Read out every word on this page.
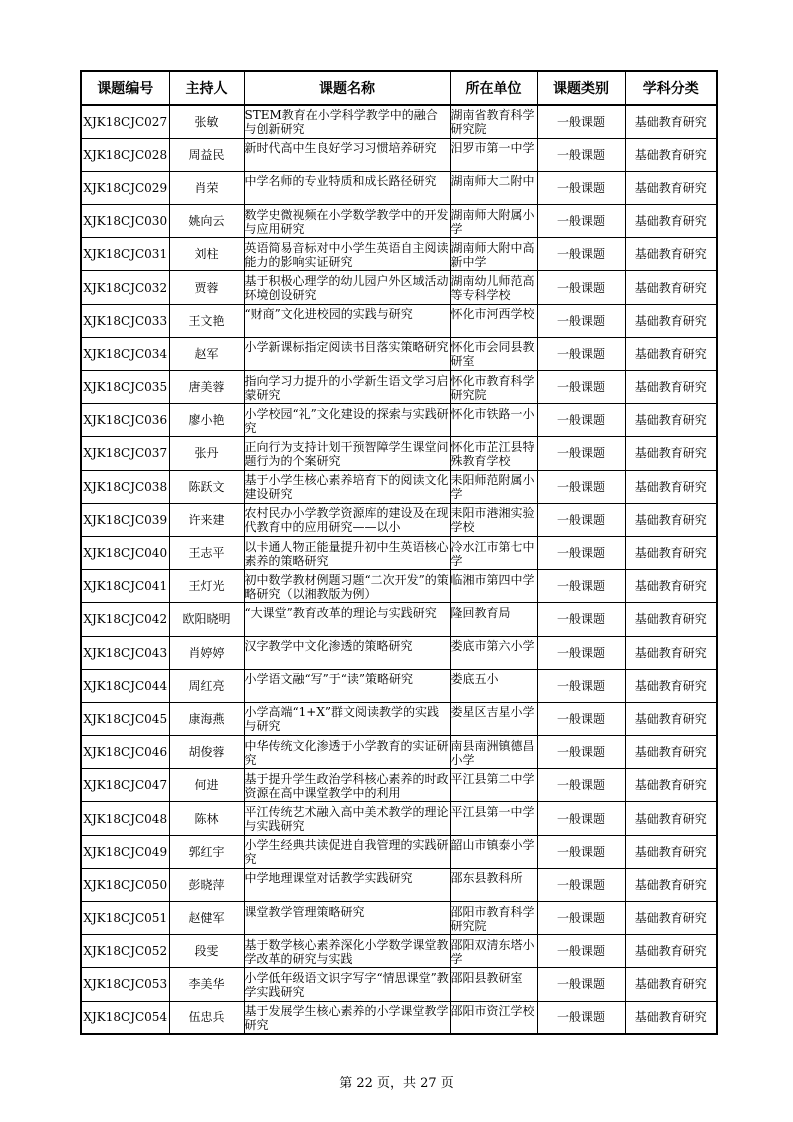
课题编号	主持人	课题名称	所在单位	课题类别	学科分类
XJK18CJC027	张敏	STEM教育在小学科学教学中的融合与创新研究	湖南省教育科学研究院	一般课题	基础教育研究
XJK18CJC028	周益民	新时代高中生良好学习习惯培养研究	汨罗市第一中学	一般课题	基础教育研究
XJK18CJC029	肖荣	中学名师的专业特质和成长路径研究	湖南师大二附中	一般课题	基础教育研究
XJK18CJC030	姚向云	数学史微视频在小学数学教学中的开发与应用研究	湖南师大附属小学	一般课题	基础教育研究
XJK18CJC031	刘柱	英语简易音标对中小学生英语自主阅读能力的影响实证研究	湖南师大附中高新中学	一般课题	基础教育研究
XJK18CJC032	贾蓉	基于积极心理学的幼儿园户外区域活动环境创设研究	湖南幼儿师范高等专科学校	一般课题	基础教育研究
XJK18CJC033	王文艳	“财商”文化进校园的实践与研究	怀化市河西学校	一般课题	基础教育研究
XJK18CJC034	赵军	小学新课标指定阅读书目落实策略研究	怀化市会同县教研室	一般课题	基础教育研究
XJK18CJC035	唐美蓉	指向学习力提升的小学新生语文学习启蒙研究	怀化市教育科学研究院	一般课题	基础教育研究
XJK18CJC036	廖小艳	小学校园“礼”文化建设的探索与实践研究	怀化市铁路一小	一般课题	基础教育研究
XJK18CJC037	张丹	正向行为支持计划干预智障学生课堂问题行为的个案研究	怀化市芷江县特殊教育学校	一般课题	基础教育研究
XJK18CJC038	陈跃文	基于小学生核心素养培育下的阅读文化建设研究	耒阳师范附属小学	一般课题	基础教育研究
XJK18CJC039	许来建	农村民办小学教学资源库的建设及在现代教育中的应用研究——以小	耒阳市港湘实验学校	一般课题	基础教育研究
XJK18CJC040	王志平	以卡通人物正能量提升初中生英语核心素养的策略研究	冷水江市第七中学	一般课题	基础教育研究
XJK18CJC041	王灯光	初中数学教材例题习题“二次开发”的策略研究（以湘教版为例）	临湘市第四中学	一般课题	基础教育研究
XJK18CJC042	欧阳晓明	“大课堂”教育改革的理论与实践研究	隆回教育局	一般课题	基础教育研究
XJK18CJC043	肖婷婷	汉字教学中文化渗透的策略研究	娄底市第六小学	一般课题	基础教育研究
XJK18CJC044	周红亮	小学语文融“写”于“读”策略研究	娄底五小	一般课题	基础教育研究
XJK18CJC045	康海燕	小学高端“1+X”群文阅读教学的实践与研究	娄星区吉星小学	一般课题	基础教育研究
XJK18CJC046	胡俊蓉	中华传统文化渗透于小学教育的实证研究	南县南洲镇德昌小学	一般课题	基础教育研究
XJK18CJC047	何进	基于提升学生政治学科核心素养的时政资源在高中课堂教学中的利用	平江县第二中学	一般课题	基础教育研究
XJK18CJC048	陈林	平江传统艺术融入高中美术教学的理论与实践研究	平江县第一中学	一般课题	基础教育研究
XJK18CJC049	郭红宇	小学生经典共读促进自我管理的实践研究	韶山市镇泰小学	一般课题	基础教育研究
XJK18CJC050	彭晓萍	中学地理课堂对话教学实践研究	邵东县教科所	一般课题	基础教育研究
XJK18CJC051	赵健军	课堂教学管理策略研究	邵阳市教育科学研究院	一般课题	基础教育研究
XJK18CJC052	段雯	基于数学核心素养深化小学数学课堂教学改革的研究与实践	邵阳双清东塔小学	一般课题	基础教育研究
XJK18CJC053	李美华	小学低年级语文识字写字“情思课堂”教学实践研究	邵阳县教研室	一般课题	基础教育研究
XJK18CJC054	伍忠兵	基于发展学生核心素养的小学课堂教学研究	邵阳市资江学校	一般课题	基础教育研究
第 22 页，共 27 页
